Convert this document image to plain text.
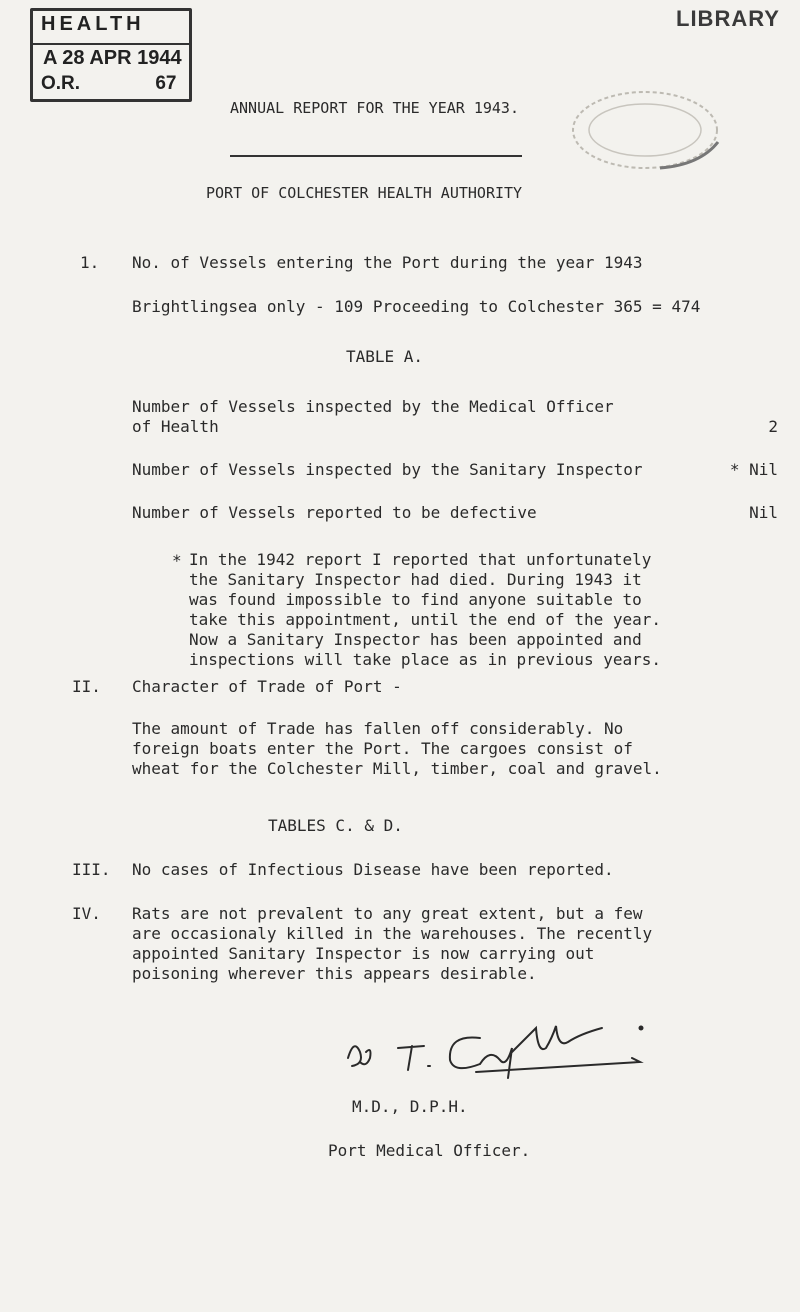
HEALTH
A 28 APR 1944
O.R.	67
LIBRARY
ANNUAL REPORT FOR THE YEAR 1943.
PORT OF COLCHESTER HEALTH AUTHORITY
1. No. of Vessels entering the Port during the year 1943
Brightlingsea only - 109 Proceeding to Colchester 365 = 474
TABLE A.
Number of Vessels inspected by the Medical Officer
of Health	2
Number of Vessels inspected by the Sanitary Inspector	* Nil
Number of Vessels reported to be defective	Nil
* In the 1942 report I reported that unfortunately
the Sanitary Inspector had died. During 1943 it
was found impossible to find anyone suitable to
take this appointment, until the end of the year.
Now a Sanitary Inspector has been appointed and
inspections will take place as in previous years.
II. Character of Trade of Port -
The amount of Trade has fallen off considerably. No
foreign boats enter the Port. The cargoes consist of
wheat for the Colchester Mill, timber, coal and gravel.
TABLES C. & D.
III. No cases of Infectious Disease have been reported.
IV. Rats are not prevalent to any great extent, but a few
are occasionaly killed in the warehouses. The recently
appointed Sanitary Inspector is now carrying out
poisoning wherever this appears desirable.
M.D., D.P.H.
Port Medical Officer.
